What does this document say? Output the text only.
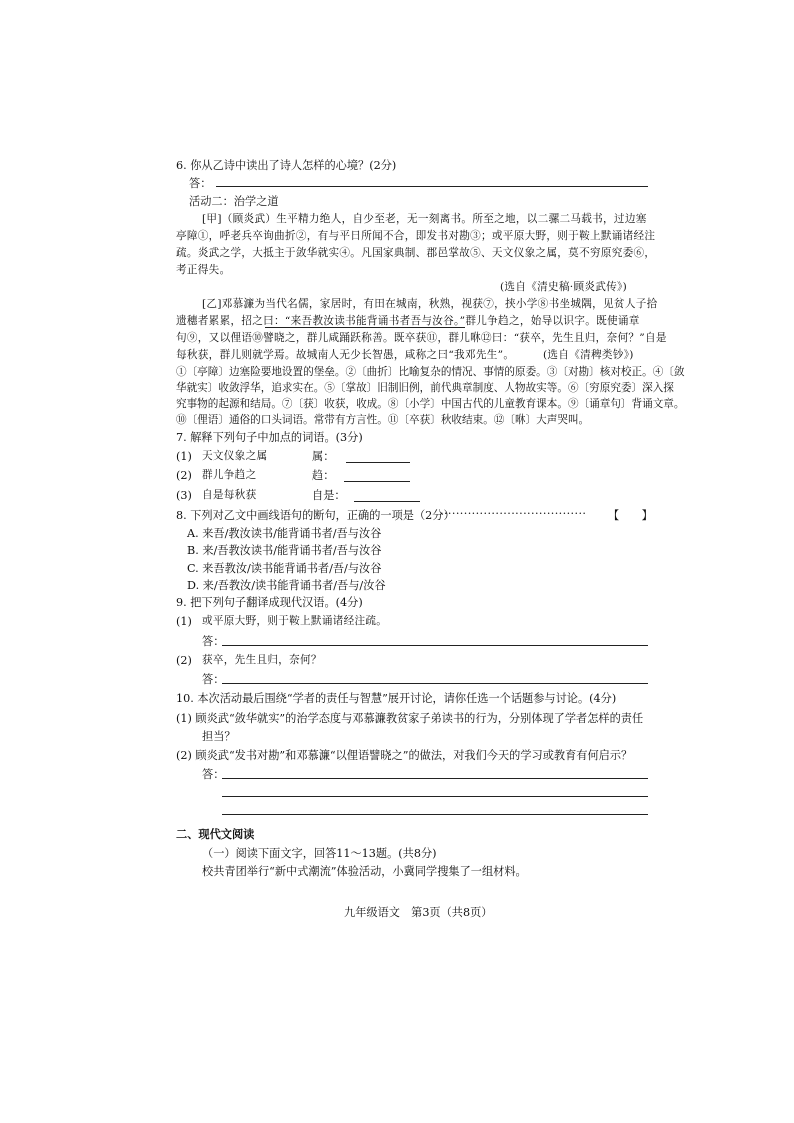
6. 你从乙诗中读出了诗人怎样的心境？(2分)
答：
活动二：治学之道
[甲]（顾炎武）生平精力绝人，自少至老，无一刻离书。所至之地，以二骡二马载书，过边塞
亭障①，呼老兵卒询曲折②，有与平日所闻不合，即发书对勘③；或平原大野，则于鞍上默诵诸经注
疏。炎武之学，大抵主于敛华就实④。凡国家典制、郡邑掌故⑤、天文仪象之属，莫不穷原究委⑥，
考正得失。
(选自《清史稿·顾炎武传》)
[乙]邓慕濂为当代名儒，家居时，有田在城南，秋熟，视获⑦，挟小学⑧书坐城隅，见贫人子拾
遗穗者累累，招之曰：“来吾教汝读书能背诵书者吾与汝谷。”群儿争趋之，始导以识字。既使诵章
句⑨，又以俚语⑩譬晓之，群儿咸踊跃称善。既卒获⑪，群儿咻⑫曰：“获卒，先生且归，奈何？”自是
每秋获，群儿则就学焉。故城南人无少长智愚，咸称之曰“我邓先生”。	(选自《清稗类钞》)
①〔亭障〕边塞险要地设置的堡垒。②〔曲折〕比喻复杂的情况、事情的原委。③〔对勘〕核对校正。④〔敛
华就实〕收敛浮华，追求实在。⑤〔掌故〕旧制旧例，前代典章制度、人物故实等。⑥〔穷原究委〕深入探
究事物的起源和结局。⑦〔获〕收获，收成。⑧〔小学〕中国古代的儿童教育课本。⑨〔诵章句〕背诵文章。
⑩〔俚语〕通俗的口头词语。常带有方言性。⑪〔卒获〕秋收结束。⑫〔咻〕大声哭叫。
7. 解释下列句子中加点的词语。(3分)
(1) 天文仪象之属	属：
(2) 群儿争趋之	趋：
(3) 自是每秋获	自是：
8. 下列对乙文中画线语句的断句，正确的一项是（2分）
····································· 【　　】
A. 来吾/教汝读书/能背诵书者/吾与汝谷
B. 来/吾教汝读书/能背诵书者/吾与汝谷
C. 来吾教汝/读书能背诵书者/吾/与汝谷
D. 来/吾教汝/读书能背诵书者/吾与/汝谷
9. 把下列句子翻译成现代汉语。(4分)
(1) 或平原大野，则于鞍上默诵诸经注疏。
答：
(2) 获卒，先生且归，奈何？
答：
10. 本次活动最后围绕“学者的责任与智慧”展开讨论，请你任选一个话题参与讨论。(4分)
(1) 顾炎武“敛华就实”的治学态度与邓慕濂教贫家子弟读书的行为，分别体现了学者怎样的责任
担当？
(2) 顾炎武“发书对勘”和邓慕濂“以俚语譬晓之”的做法，对我们今天的学习或教育有何启示？
答：
二、现代文阅读
（一）阅读下面文字，回答11～13题。(共8分)
校共青团举行“新中式潮流”体验活动，小冀同学搜集了一组材料。
九年级语文　第3页（共8页）
